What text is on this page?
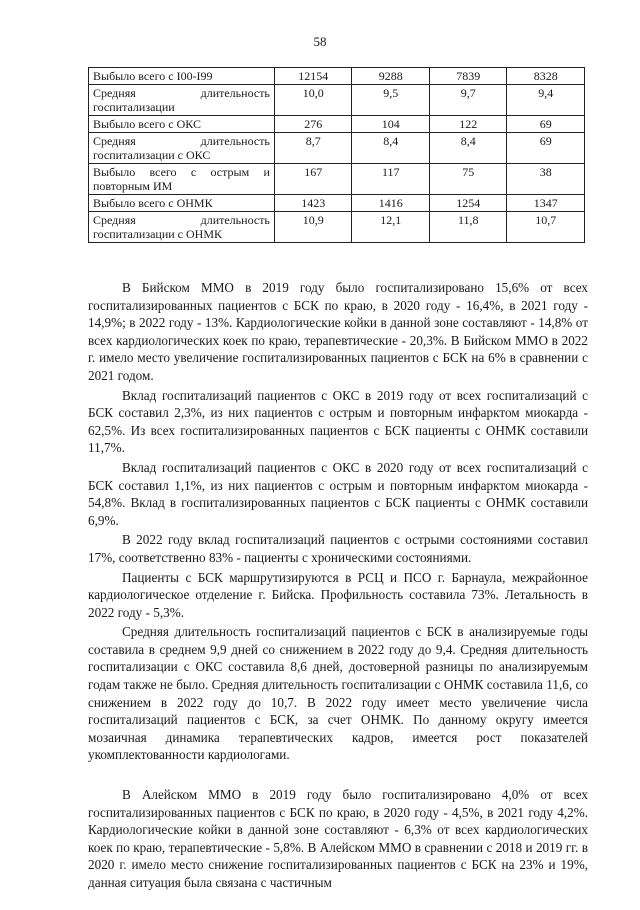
58
Выбыло всего с I00-I99	12154	9288	7839	8328
Средняя длительность госпитализации	10,0	9,5	9,7	9,4
Выбыло всего с ОКС	276	104	122	69
Средняя длительность госпитализации с ОКС	8,7	8,4	8,4	69
Выбыло всего с острым и повторным ИМ	167	117	75	38
Выбыло всего с ОНМК	1423	1416	1254	1347
Средняя длительность госпитализации с ОНМК	10,9	12,1	11,8	10,7

В Бийском ММО в 2019 году было госпитализировано 15,6% от всех госпитализированных пациентов с БСК по краю, в 2020 году - 16,4%, в 2021 году - 14,9%; в 2022 году - 13%. Кардиологические койки в данной зоне составляют - 14,8% от всех кардиологических коек по краю, терапевтические - 20,3%. В Бийском ММО в 2022 г. имело место увеличение госпитализированных пациентов с БСК на 6% в сравнении с 2021 годом.

Вклад госпитализаций пациентов с ОКС в 2019 году от всех госпитализаций с БСК составил 2,3%, из них пациентов с острым и повторным инфарктом миокарда - 62,5%. Из всех госпитализированных пациентов с БСК пациенты с ОНМК составили 11,7%.

Вклад госпитализаций пациентов с ОКС в 2020 году от всех госпитализаций с БСК составил 1,1%, из них пациентов с острым и повторным инфарктом миокарда - 54,8%. Вклад в госпитализированных пациентов с БСК пациенты с ОНМК составили 6,9%.

В 2022 году вклад госпитализаций пациентов с острыми состояниями составил 17%, соответственно 83% - пациенты с хроническими состояниями.

Пациенты с БСК маршрутизируются в РСЦ и ПСО г. Барнаула, межрайонное кардиологическое отделение г. Бийска. Профильность составила 73%. Летальность в 2022 году - 5,3%.

Средняя длительность госпитализаций пациентов с БСК в анализируемые годы составила в среднем 9,9 дней со снижением в 2022 году до 9,4. Средняя длительность госпитализации с ОКС составила 8,6 дней, достоверной разницы по анализируемым годам также не было. Средняя длительность госпитализации с ОНМК составила 11,6, со снижением в 2022 году до 10,7. В 2022 году имеет место увеличение числа госпитализаций пациентов с БСК, за счет ОНМК. По данному округу имеется мозаичная динамика терапевтических кадров, имеется рост показателей укомплектованности кардиологами.

В Алейском ММО в 2019 году было госпитализировано 4,0% от всех госпитализированных пациентов с БСК по краю, в 2020 году - 4,5%, в 2021 году 4,2%. Кардиологические койки в данной зоне составляют - 6,3% от всех кардиологических коек по краю, терапевтические - 5,8%. В Алейском ММО в сравнении с 2018 и 2019 гг. в 2020 г. имело место снижение госпитализированных пациентов с БСК на 23% и 19%, данная ситуация была связана с частичным
